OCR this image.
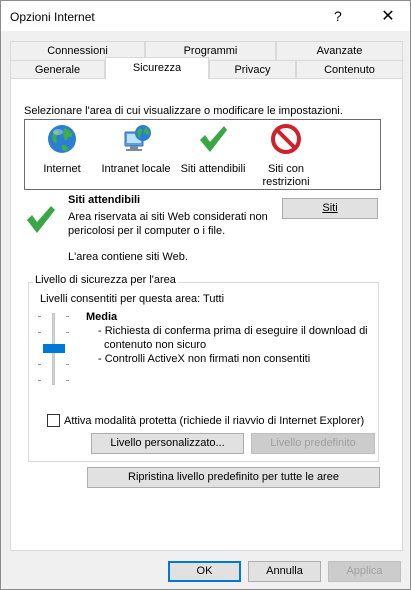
Opzioni Internet	?	✕
Connessioni	Programmi	Avanzate
Generale	Sicurezza	Privacy	Contenuto
Selezionare l'area di cui visualizzare o modificare le impostazioni.
Internet	Intranet locale Siti attendibili	Siti con
restrizioni
Siti attendibili
Area riservata ai siti Web considerati non
pericolosi per il computer o i file.
L'area contiene siti Web.
Siti
Livello di sicurezza per l'area
Livelli consentiti per questa area: Tutti
Media
- Richiesta di conferma prima di eseguire il download di
contenuto non sicuro
- Controlli ActiveX non firmati non consentiti
Attiva modalità protetta (richiede il riavvio di Internet Explorer)
Livello personalizzato...	Livello predefinito
Ripristina livello predefinito per tutte le aree
OK	Annulla	Applica
